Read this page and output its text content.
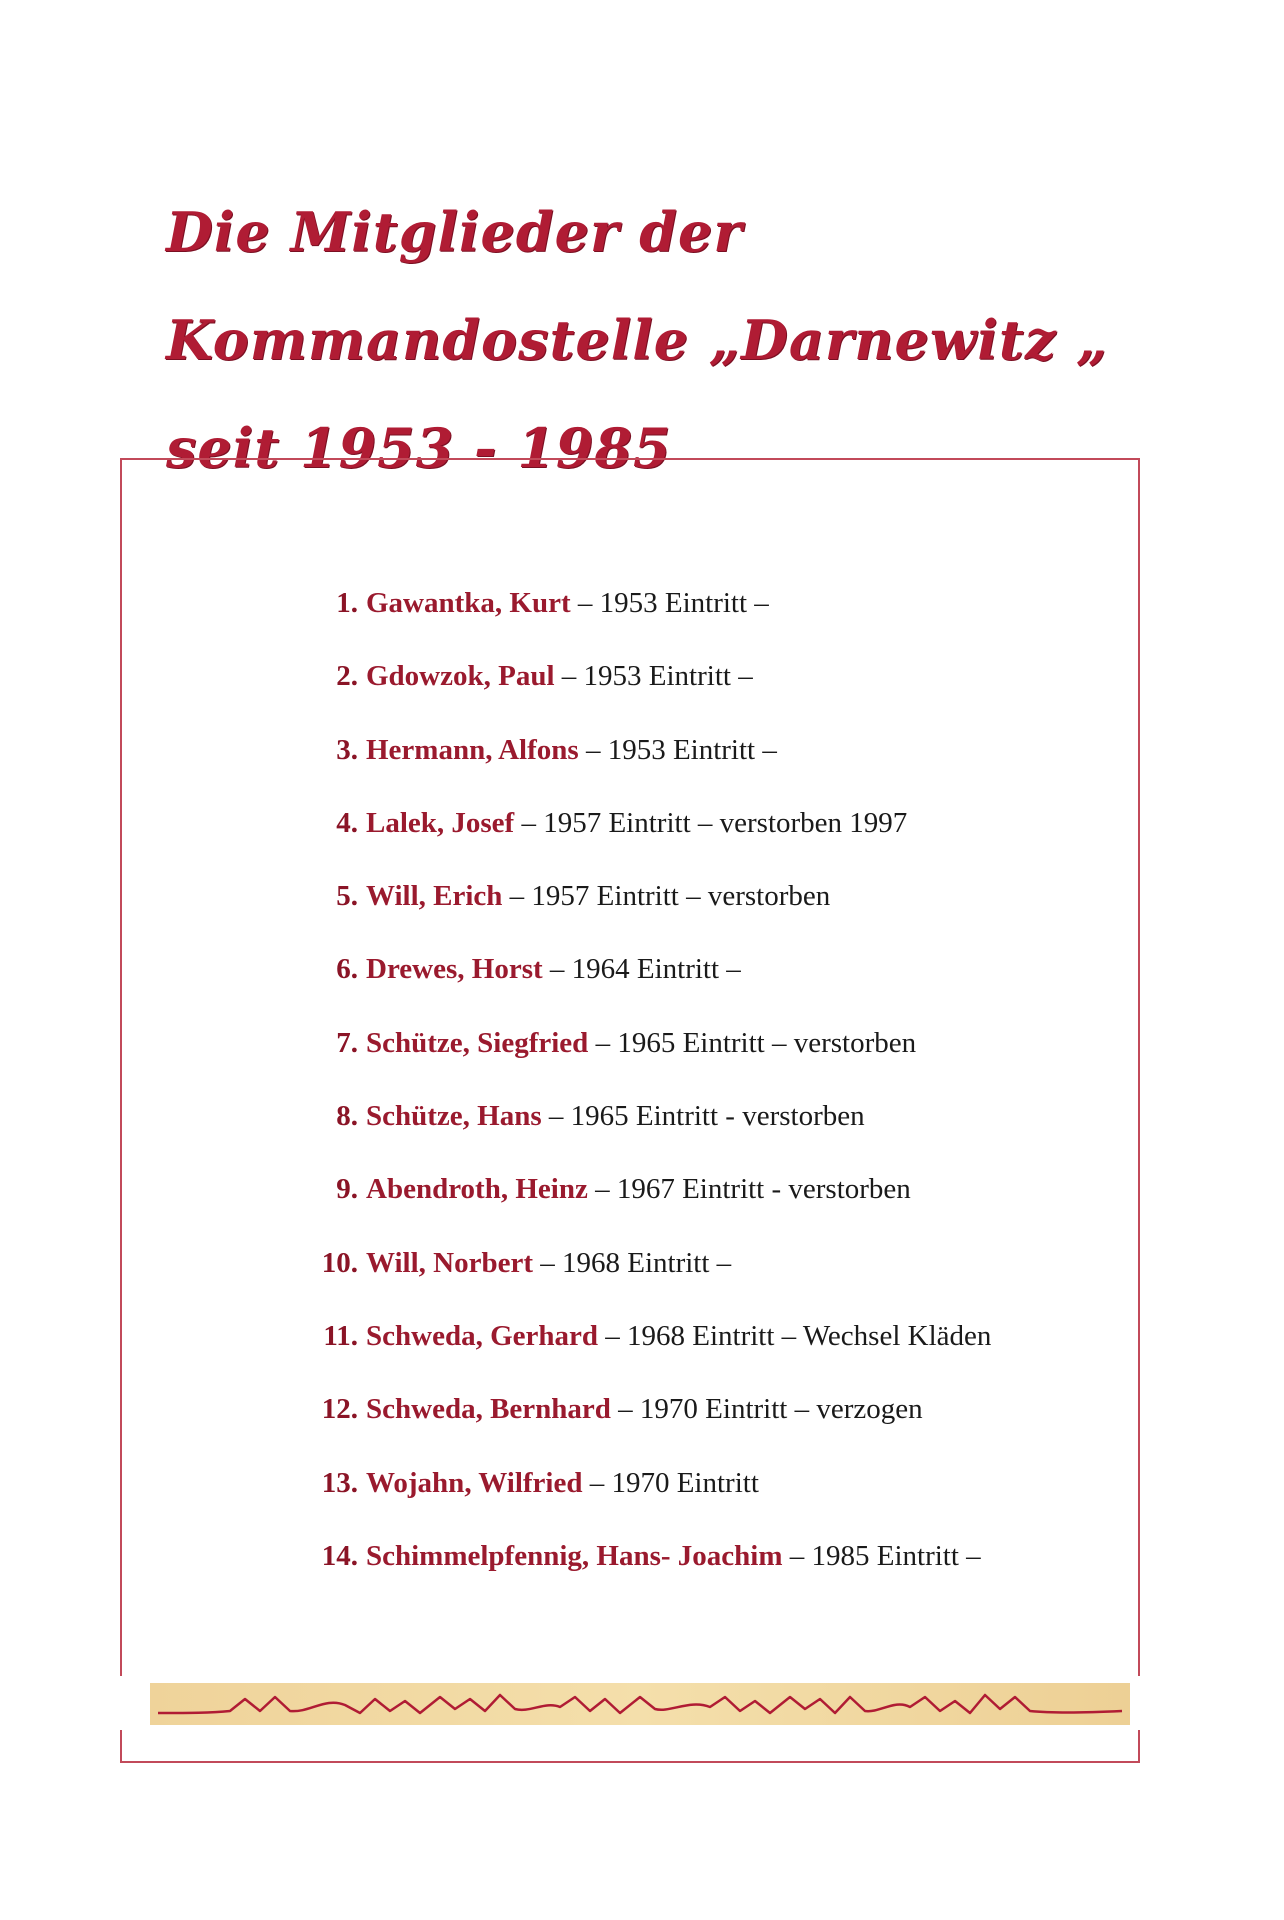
Die Mitglieder der
Kommandostelle „Darnewitz „
seit 1953 - 1985
1. Gawantka, Kurt – 1953 Eintritt –
2. Gdowzok, Paul – 1953 Eintritt –
3. Hermann, Alfons – 1953 Eintritt –
4. Lalek, Josef – 1957 Eintritt – verstorben 1997
5. Will, Erich – 1957 Eintritt – verstorben
6. Drewes, Horst – 1964 Eintritt –
7. Schütze, Siegfried – 1965 Eintritt – verstorben
8. Schütze, Hans – 1965 Eintritt - verstorben
9. Abendroth, Heinz – 1967 Eintritt - verstorben
10. Will, Norbert – 1968 Eintritt –
11. Schweda, Gerhard – 1968 Eintritt – Wechsel Kläden
12. Schweda, Bernhard – 1970 Eintritt – verzogen
13. Wojahn, Wilfried – 1970 Eintritt
14. Schimmelpfennig, Hans- Joachim – 1985 Eintritt –
